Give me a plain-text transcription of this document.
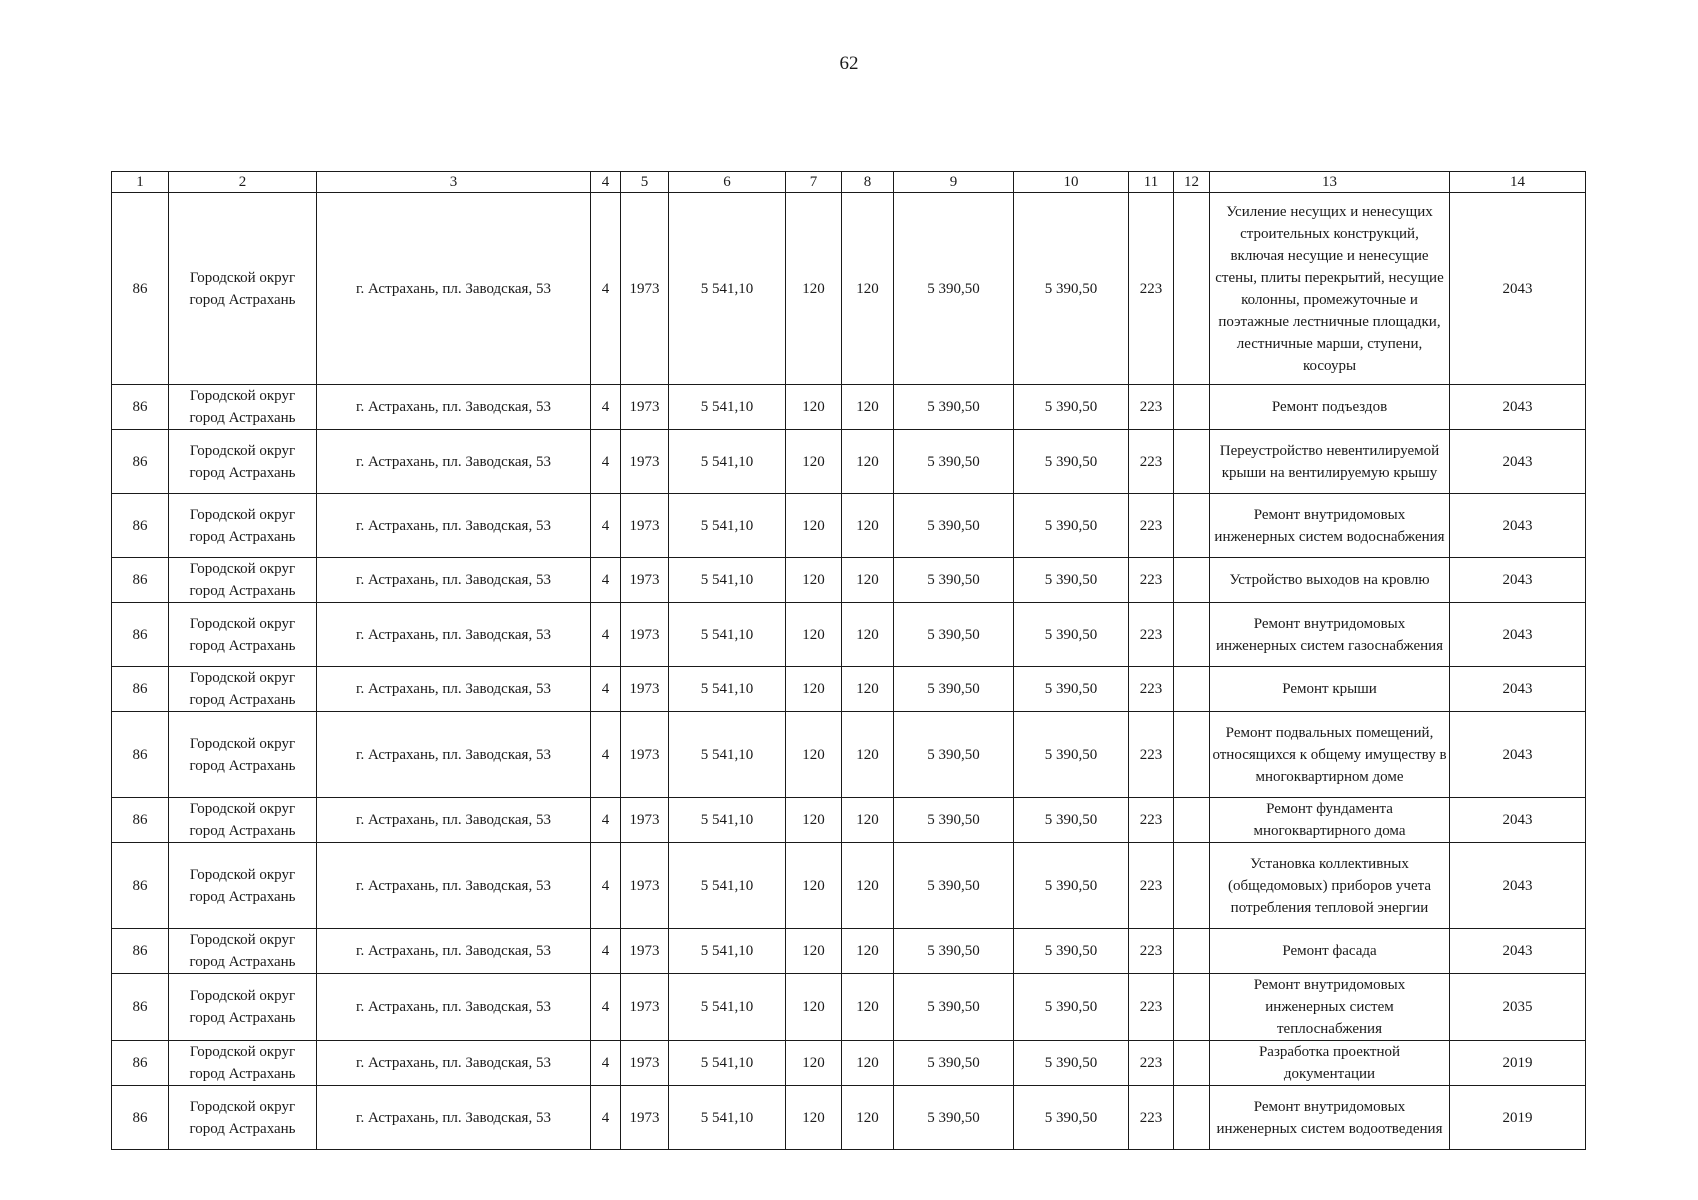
62
1	2	3	4	5	6	7	8	9	10	11	12	13	14
86	Городской округ город Астрахань	г. Астрахань, пл. Заводская, 53	4	1973	5 541,10	120	120	5 390,50	5 390,50	223		Усиление несущих и ненесущих строительных конструкций, включая несущие и ненесущие стены, плиты перекрытий, несущие колонны, промежуточные и поэтажные лестничные площадки, лестничные марши, ступени, косоуры	2043
86	Городской округ город Астрахань	г. Астрахань, пл. Заводская, 53	4	1973	5 541,10	120	120	5 390,50	5 390,50	223		Ремонт подъездов	2043
86	Городской округ город Астрахань	г. Астрахань, пл. Заводская, 53	4	1973	5 541,10	120	120	5 390,50	5 390,50	223		Переустройство невентилируемой крыши на вентилируемую крышу	2043
86	Городской округ город Астрахань	г. Астрахань, пл. Заводская, 53	4	1973	5 541,10	120	120	5 390,50	5 390,50	223		Ремонт внутридомовых инженерных систем водоснабжения	2043
86	Городской округ город Астрахань	г. Астрахань, пл. Заводская, 53	4	1973	5 541,10	120	120	5 390,50	5 390,50	223		Устройство выходов на кровлю	2043
86	Городской округ город Астрахань	г. Астрахань, пл. Заводская, 53	4	1973	5 541,10	120	120	5 390,50	5 390,50	223		Ремонт внутридомовых инженерных систем газоснабжения	2043
86	Городской округ город Астрахань	г. Астрахань, пл. Заводская, 53	4	1973	5 541,10	120	120	5 390,50	5 390,50	223		Ремонт крыши	2043
86	Городской округ город Астрахань	г. Астрахань, пл. Заводская, 53	4	1973	5 541,10	120	120	5 390,50	5 390,50	223		Ремонт подвальных помещений, относящихся к общему имуществу в многоквартирном доме	2043
86	Городской округ город Астрахань	г. Астрахань, пл. Заводская, 53	4	1973	5 541,10	120	120	5 390,50	5 390,50	223		Ремонт фундамента многоквартирного дома	2043
86	Городской округ город Астрахань	г. Астрахань, пл. Заводская, 53	4	1973	5 541,10	120	120	5 390,50	5 390,50	223		Установка коллективных (общедомовых) приборов учета потребления тепловой энергии	2043
86	Городской округ город Астрахань	г. Астрахань, пл. Заводская, 53	4	1973	5 541,10	120	120	5 390,50	5 390,50	223		Ремонт фасада	2043
86	Городской округ город Астрахань	г. Астрахань, пл. Заводская, 53	4	1973	5 541,10	120	120	5 390,50	5 390,50	223		Ремонт внутридомовых инженерных систем теплоснабжения	2035
86	Городской округ город Астрахань	г. Астрахань, пл. Заводская, 53	4	1973	5 541,10	120	120	5 390,50	5 390,50	223		Разработка проектной документации	2019
86	Городской округ город Астрахань	г. Астрахань, пл. Заводская, 53	4	1973	5 541,10	120	120	5 390,50	5 390,50	223		Ремонт внутридомовых инженерных систем водоотведения	2019
